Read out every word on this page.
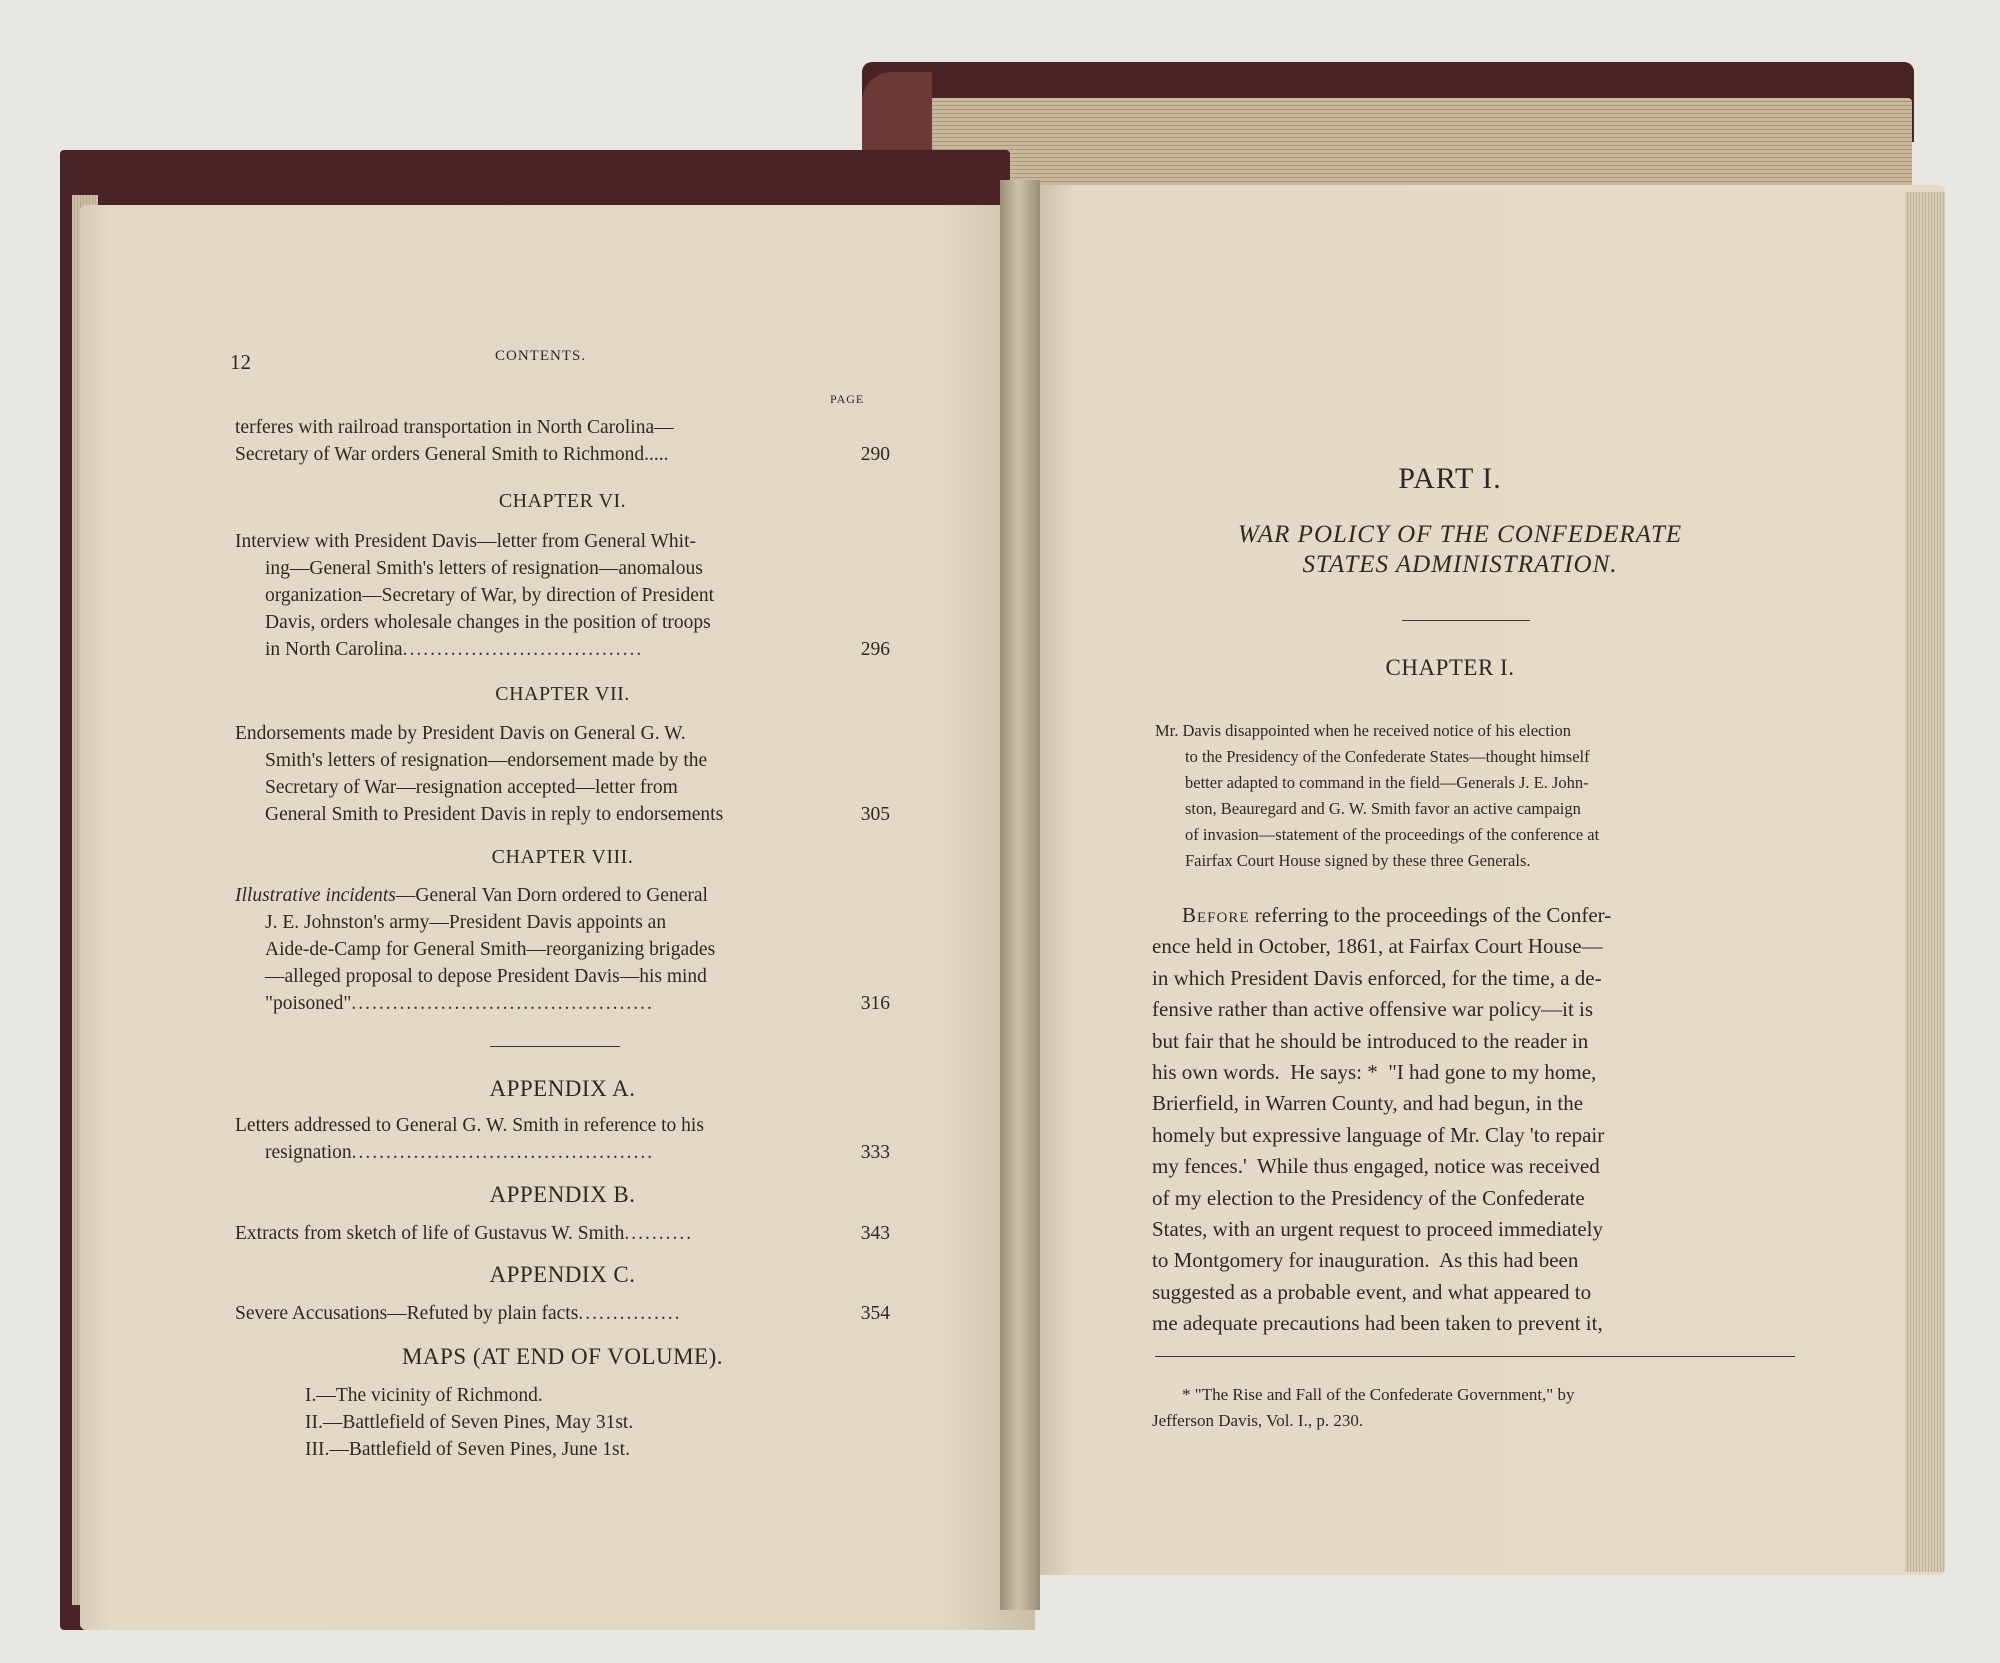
12	CONTENTS.
PAGE
terferes with railroad transportation in North Carolina—
Secretary of War orders General Smith to Richmond.....	290
CHAPTER VI.
Interview with President Davis—letter from General Whit-
ing—General Smith's letters of resignation—anomalous
organization—Secretary of War, by direction of President
Davis, orders wholesale changes in the position of troops
in North Carolina...................................	296
CHAPTER VII.
Endorsements made by President Davis on General G. W.
Smith's letters of resignation—endorsement made by the
Secretary of War—resignation accepted—letter from
General Smith to President Davis in reply to endorsements	305
CHAPTER VIII.
Illustrative incidents—General Van Dorn ordered to General
J. E. Johnston's army—President Davis appoints an
Aide-de-Camp for General Smith—reorganizing brigades
—alleged proposal to depose President Davis—his mind
"poisoned"............................................	316
APPENDIX A.
Letters addressed to General G. W. Smith in reference to his
resignation............................................	333
APPENDIX B.
Extracts from sketch of life of Gustavus W. Smith..........	343
APPENDIX C.
Severe Accusations—Refuted by plain facts...............	354
MAPS (AT END OF VOLUME).
I.—The vicinity of Richmond.
II.—Battlefield of Seven Pines, May 31st.
III.—Battlefield of Seven Pines, June 1st.
PART I.
WAR POLICY OF THE CONFEDERATE
STATES ADMINISTRATION.
CHAPTER I.
Mr. Davis disappointed when he received notice of his election
to the Presidency of the Confederate States—thought himself
better adapted to command in the field—Generals J. E. John-
ston, Beauregard and G. W. Smith favor an active campaign
of invasion—statement of the proceedings of the conference at
Fairfax Court House signed by these three Generals.
Before referring to the proceedings of the Confer-
ence held in October, 1861, at Fairfax Court House—
in which President Davis enforced, for the time, a de-
fensive rather than active offensive war policy—it is
but fair that he should be introduced to the reader in
his own words.  He says: *  "I had gone to my home,
Brierfield, in Warren County, and had begun, in the
homely but expressive language of Mr. Clay 'to repair
my fences.'  While thus engaged, notice was received
of my election to the Presidency of the Confederate
States, with an urgent request to proceed immediately
to Montgomery for inauguration.  As this had been
suggested as a probable event, and what appeared to
me adequate precautions had been taken to prevent it,
* "The Rise and Fall of the Confederate Government," by
Jefferson Davis, Vol. I., p. 230.
